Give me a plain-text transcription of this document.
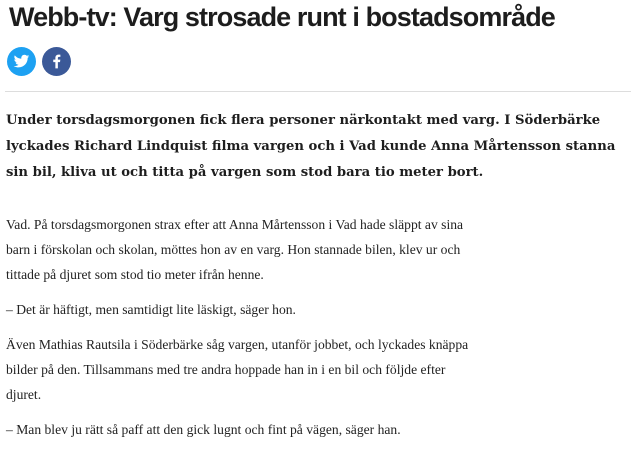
Webb-tv: Varg strosade runt i bostadsområde

Under torsdagsmorgonen fick flera personer närkontakt med varg. I Söderbärke lyckades Richard Lindquist filma vargen och i Vad kunde Anna Mårtensson stanna sin bil, kliva ut och titta på vargen som stod bara tio meter bort.

Vad. På torsdagsmorgonen strax efter att Anna Mårtensson i Vad hade släppt av sina barn i förskolan och skolan, möttes hon av en varg. Hon stannade bilen, klev ur och tittade på djuret som stod tio meter ifrån henne.

– Det är häftigt, men samtidigt lite läskigt, säger hon.

Även Mathias Rautsila i Söderbärke såg vargen, utanför jobbet, och lyckades knäppa bilder på den. Tillsammans med tre andra hoppade han in i en bil och följde efter djuret.

– Man blev ju rätt så paff att den gick lugnt och fint på vägen, säger han.
